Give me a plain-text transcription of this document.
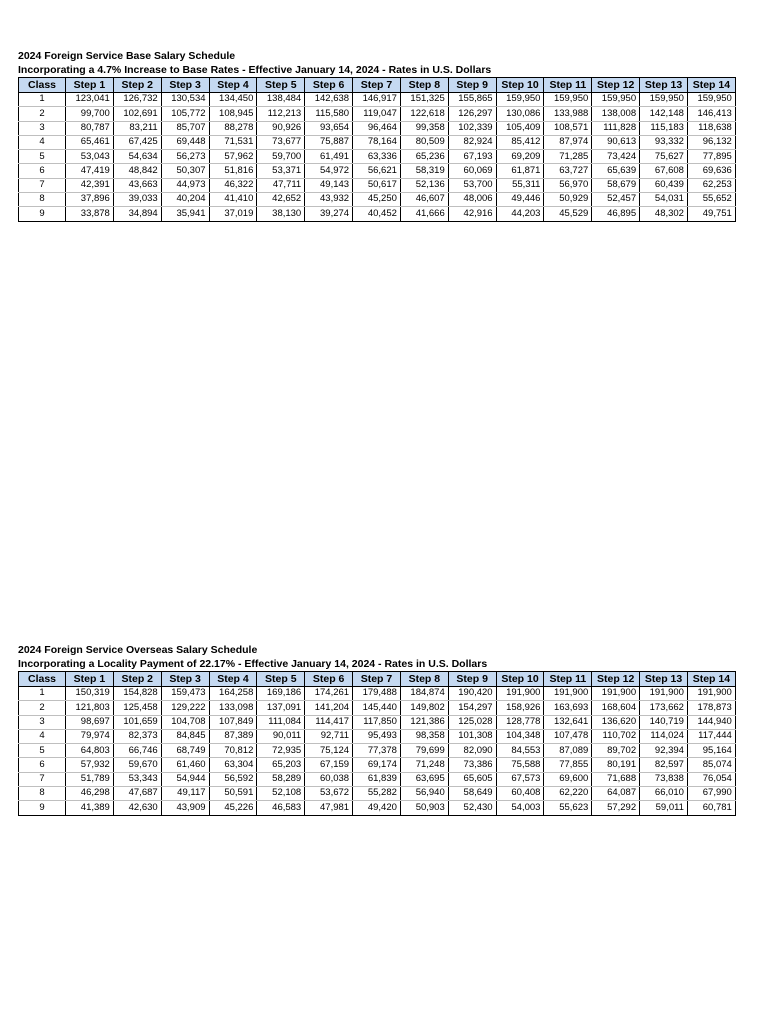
2024 Foreign Service Base Salary Schedule
Incorporating a 4.7% Increase to Base Rates - Effective January 14, 2024 - Rates in U.S. Dollars
Class	Step 1	Step 2	Step 3	Step 4	Step 5	Step 6	Step 7	Step 8	Step 9	Step 10	Step 11	Step 12	Step 13	Step 14
1	123,041	126,732	130,534	134,450	138,484	142,638	146,917	151,325	155,865	159,950	159,950	159,950	159,950	159,950
2	99,700	102,691	105,772	108,945	112,213	115,580	119,047	122,618	126,297	130,086	133,988	138,008	142,148	146,413
3	80,787	83,211	85,707	88,278	90,926	93,654	96,464	99,358	102,339	105,409	108,571	111,828	115,183	118,638
4	65,461	67,425	69,448	71,531	73,677	75,887	78,164	80,509	82,924	85,412	87,974	90,613	93,332	96,132
5	53,043	54,634	56,273	57,962	59,700	61,491	63,336	65,236	67,193	69,209	71,285	73,424	75,627	77,895
6	47,419	48,842	50,307	51,816	53,371	54,972	56,621	58,319	60,069	61,871	63,727	65,639	67,608	69,636
7	42,391	43,663	44,973	46,322	47,711	49,143	50,617	52,136	53,700	55,311	56,970	58,679	60,439	62,253
8	37,896	39,033	40,204	41,410	42,652	43,932	45,250	46,607	48,006	49,446	50,929	52,457	54,031	55,652
9	33,878	34,894	35,941	37,019	38,130	39,274	40,452	41,666	42,916	44,203	45,529	46,895	48,302	49,751
2024 Foreign Service Overseas Salary Schedule
Incorporating a Locality Payment of 22.17% - Effective January 14, 2024 - Rates in U.S. Dollars
Class	Step 1	Step 2	Step 3	Step 4	Step 5	Step 6	Step 7	Step 8	Step 9	Step 10	Step 11	Step 12	Step 13	Step 14
1	150,319	154,828	159,473	164,258	169,186	174,261	179,488	184,874	190,420	191,900	191,900	191,900	191,900	191,900
2	121,803	125,458	129,222	133,098	137,091	141,204	145,440	149,802	154,297	158,926	163,693	168,604	173,662	178,873
3	98,697	101,659	104,708	107,849	111,084	114,417	117,850	121,386	125,028	128,778	132,641	136,620	140,719	144,940
4	79,974	82,373	84,845	87,389	90,011	92,711	95,493	98,358	101,308	104,348	107,478	110,702	114,024	117,444
5	64,803	66,746	68,749	70,812	72,935	75,124	77,378	79,699	82,090	84,553	87,089	89,702	92,394	95,164
6	57,932	59,670	61,460	63,304	65,203	67,159	69,174	71,248	73,386	75,588	77,855	80,191	82,597	85,074
7	51,789	53,343	54,944	56,592	58,289	60,038	61,839	63,695	65,605	67,573	69,600	71,688	73,838	76,054
8	46,298	47,687	49,117	50,591	52,108	53,672	55,282	56,940	58,649	60,408	62,220	64,087	66,010	67,990
9	41,389	42,630	43,909	45,226	46,583	47,981	49,420	50,903	52,430	54,003	55,623	57,292	59,011	60,781
